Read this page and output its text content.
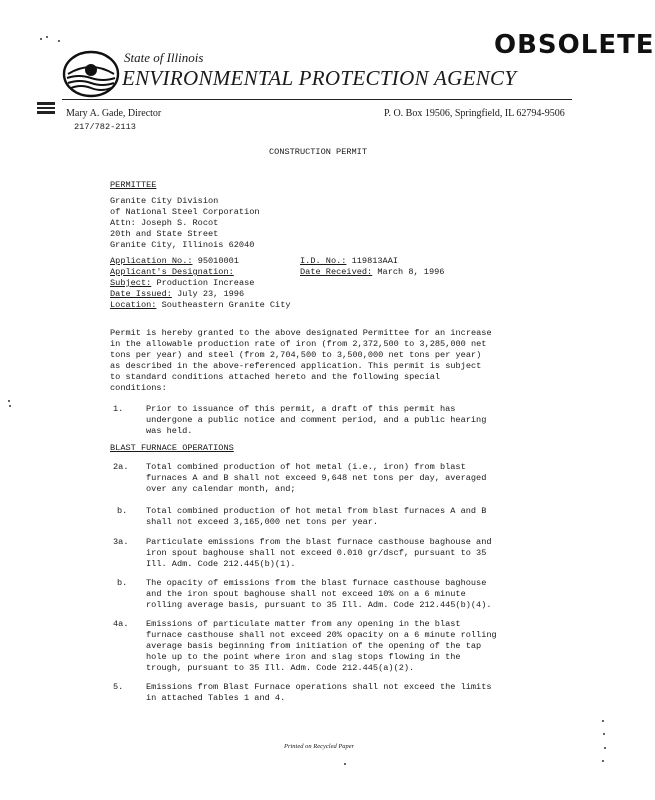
OBSOLETE
State of Illinois
ENVIRONMENTAL PROTECTION AGENCY
Mary A. Gade, Director	P. O. Box 19506, Springfield, IL 62794-9506
217/782-2113
CONSTRUCTION PERMIT
PERMITTEE
Granite City Division
of National Steel Corporation
Attn: Joseph S. Rocot
20th and State Street
Granite City, Illinois 62040
Application No.: 95010001	I.D. No.: 119813AAI
Applicant's Designation:	Date Received: March 8, 1996
Subject: Production Increase
Date Issued: July 23, 1996
Location: Southeastern Granite City
Permit is hereby granted to the above designated Permittee for an increase
in the allowable production rate of iron (from 2,372,500 to 3,285,000 net
tons per year) and steel (from 2,704,500 to 3,500,000 net tons per year)
as described in the above-referenced application. This permit is subject
to standard conditions attached hereto and the following special
conditions:
1.	Prior to issuance of this permit, a draft of this permit has
undergone a public notice and comment period, and a public hearing
was held.
BLAST FURNACE OPERATIONS
2a. Total combined production of hot metal (i.e., iron) from blast
furnaces A and B shall not exceed 9,648 net tons per day, averaged
over any calendar month, and;
b. Total combined production of hot metal from blast furnaces A and B
shall not exceed 3,165,000 net tons per year.
3a. Particulate emissions from the blast furnace casthouse baghouse and
iron spout baghouse shall not exceed 0.010 gr/dscf, pursuant to 35
Ill. Adm. Code 212.445(b)(1).
b. The opacity of emissions from the blast furnace casthouse baghouse
and the iron spout baghouse shall not exceed 10% on a 6 minute
rolling average basis, pursuant to 35 Ill. Adm. Code 212.445(b)(4).
4a. Emissions of particulate matter from any opening in the blast
furnace casthouse shall not exceed 20% opacity on a 6 minute rolling
average basis beginning from initiation of the opening of the tap
hole up to the point where iron and slag stops flowing in the
trough, pursuant to 35 Ill. Adm. Code 212.445(a)(2).
5.	Emissions from Blast Furnace operations shall not exceed the limits
in attached Tables 1 and 4.
Printed on Recycled Paper
